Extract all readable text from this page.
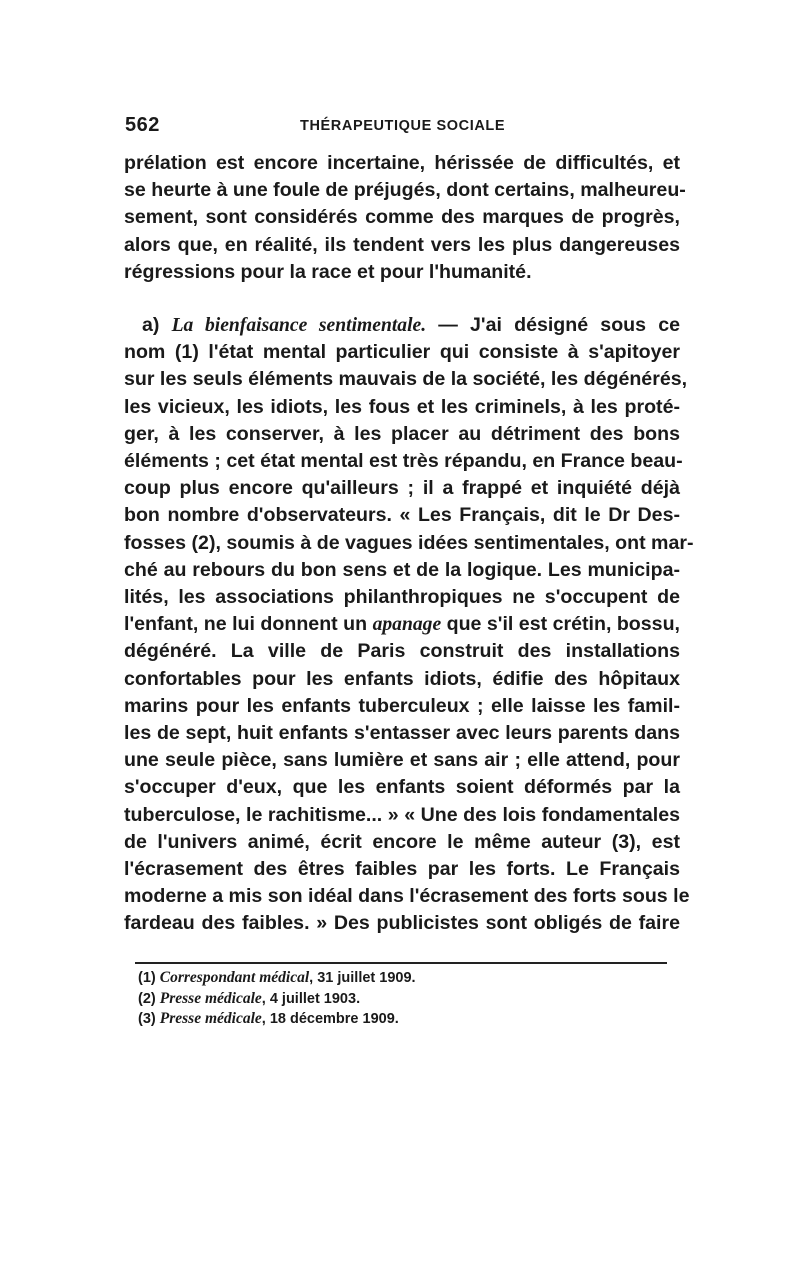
562	THÉRAPEUTIQUE SOCIALE
prélation est encore incertaine, hérissée de difficultés, et
se heurte à une foule de préjugés, dont certains, malheureu-
sement, sont considérés comme des marques de progrès,
alors que, en réalité, ils tendent vers les plus dangereuses
régressions pour la race et pour l'humanité.
a) La bienfaisance sentimentale. — J'ai désigné sous ce
nom (1) l'état mental particulier qui consiste à s'apitoyer
sur les seuls éléments mauvais de la société, les dégénérés,
les vicieux, les idiots, les fous et les criminels, à les proté-
ger, à les conserver, à les placer au détriment des bons
éléments ; cet état mental est très répandu, en France beau-
coup plus encore qu'ailleurs ; il a frappé et inquiété déjà
bon nombre d'observateurs. « Les Français, dit le Dr Des-
fosses (2), soumis à de vagues idées sentimentales, ont mar-
ché au rebours du bon sens et de la logique. Les municipa-
lités, les associations philanthropiques ne s'occupent de
l'enfant, ne lui donnent un apanage que s'il est crétin, bossu,
dégénéré. La ville de Paris construit des installations
confortables pour les enfants idiots, édifie des hôpitaux
marins pour les enfants tuberculeux ; elle laisse les famil-
les de sept, huit enfants s'entasser avec leurs parents dans
une seule pièce, sans lumière et sans air ; elle attend, pour
s'occuper d'eux, que les enfants soient déformés par la
tuberculose, le rachitisme... » « Une des lois fondamentales
de l'univers animé, écrit encore le même auteur (3), est
l'écrasement des êtres faibles par les forts. Le Français
moderne a mis son idéal dans l'écrasement des forts sous le
fardeau des faibles. » Des publicistes sont obligés de faire
(1) Correspondant médical, 31 juillet 1909.
(2) Presse médicale, 4 juillet 1903.
(3) Presse médicale, 18 décembre 1909.
